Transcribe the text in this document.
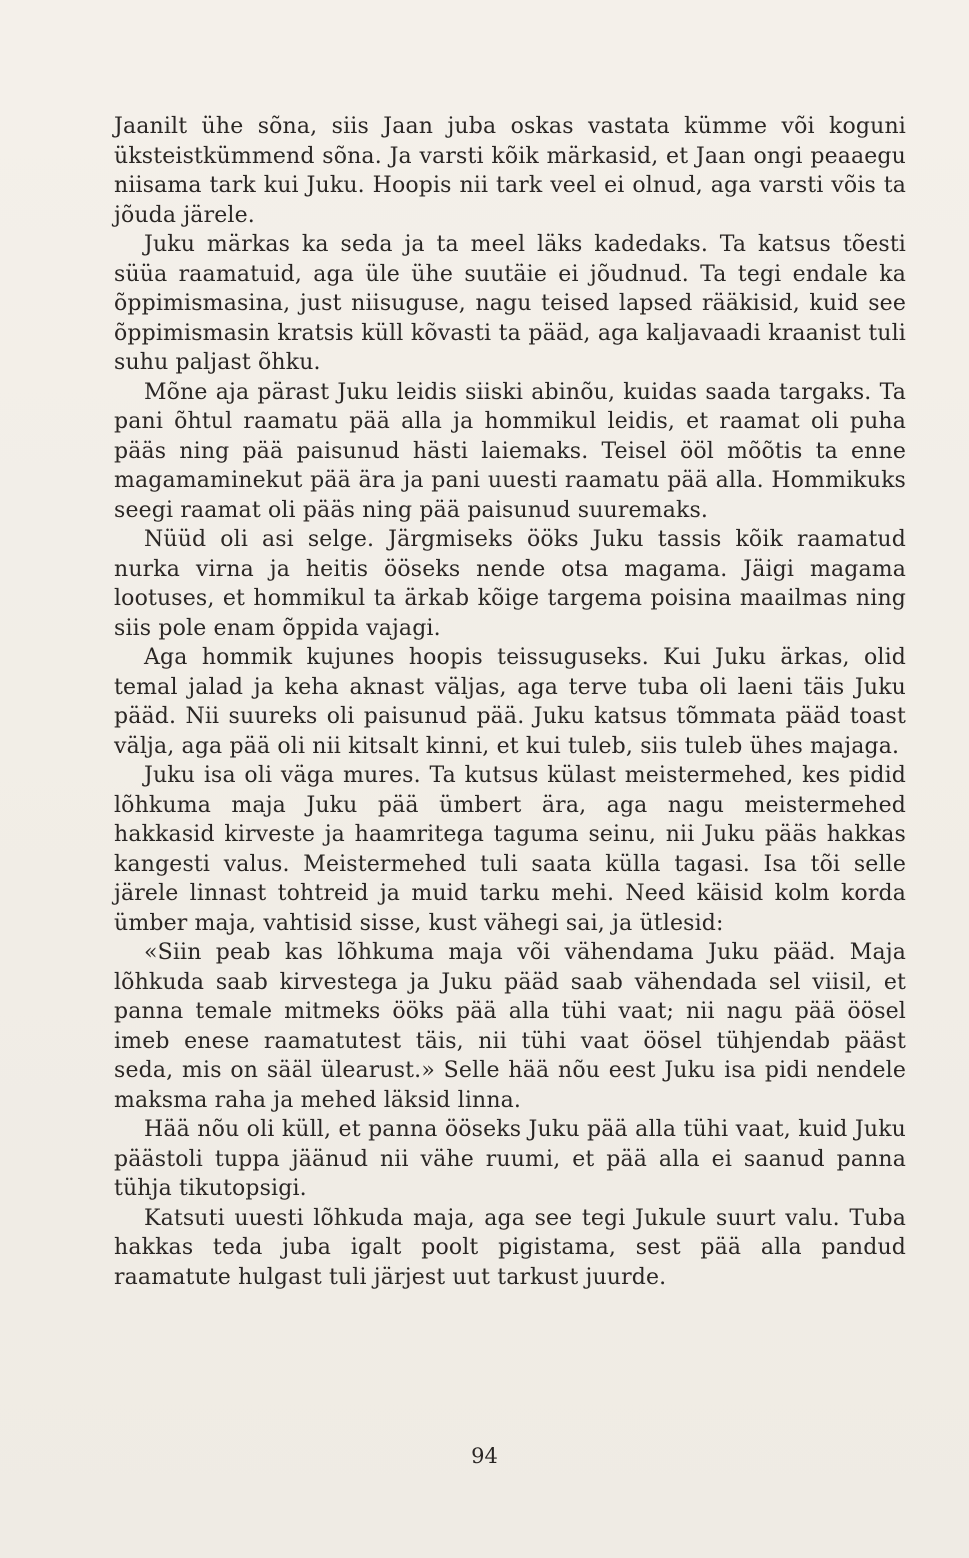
Jaanilt ühe sõna, siis Jaan juba oskas vastata kümme või koguni üksteistkümmend sõna. Ja varsti kõik märkasid, et Jaan ongi peaaegu niisama tark kui Juku. Hoopis nii tark veel ei olnud, aga varsti võis ta jõuda järele.

Juku märkas ka seda ja ta meel läks kadedaks. Ta katsus tõesti süüa raamatuid, aga üle ühe suutäie ei jõudnud. Ta tegi endale ka õppimismasina, just niisuguse, nagu teised lapsed rääkisid, kuid see õppimismasin kratsis küll kõvasti ta pääd, aga kaljavaadi kraanist tuli suhu paljast õhku.

Mõne aja pärast Juku leidis siiski abinõu, kuidas saada targaks. Ta pani õhtul raamatu pää alla ja hommikul leidis, et raamat oli puha pääs ning pää paisunud hästi laiemaks. Teisel ööl mõõtis ta enne magamaminekut pää ära ja pani uuesti raamatu pää alla. Hommikuks seegi raamat oli pääs ning pää paisunud suuremaks.

Nüüd oli asi selge. Järgmiseks ööks Juku tassis kõik raamatud nurka virna ja heitis ööseks nende otsa magama. Jäigi magama lootuses, et hommikul ta ärkab kõige targema poisina maailmas ning siis pole enam õppida vajagi.

Aga hommik kujunes hoopis teissuguseks. Kui Juku ärkas, olid temal jalad ja keha aknast väljas, aga terve tuba oli laeni täis Juku pääd. Nii suureks oli paisunud pää. Juku katsus tõmmata pääd toast välja, aga pää oli nii kitsalt kinni, et kui tuleb, siis tuleb ühes majaga.

Juku isa oli väga mures. Ta kutsus külast meistermehed, kes pidid lõhkuma maja Juku pää ümbert ära, aga nagu meistermehed hakkasid kirveste ja haamritega taguma seinu, nii Juku pääs hakkas kangesti valus. Meistermehed tuli saata külla tagasi. Isa tõi selle järele linnast tohtreid ja muid tarku mehi. Need käisid kolm korda ümber maja, vahtisid sisse, kust vähegi sai, ja ütlesid:

«Siin peab kas lõhkuma maja või vähendama Juku pääd. Maja lõhkuda saab kirvestega ja Juku pääd saab vähendada sel viisil, et panna temale mitmeks ööks pää alla tühi vaat; nii nagu pää öösel imeb enese raamatutest täis, nii tühi vaat öösel tühjendab pääst seda, mis on sääl ülearust.» Selle hää nõu eest Juku isa pidi nendele maksma raha ja mehed läksid linna.

Hää nõu oli küll, et panna ööseks Juku pää alla tühi vaat, kuid Juku päästoli tuppa jäänud nii vähe ruumi, et pää alla ei saanud panna tühja tikutopsigi.

Katsuti uuesti lõhkuda maja, aga see tegi Jukule suurt valu. Tuba hakkas teda juba igalt poolt pigistama, sest pää alla pandud raamatute hulgast tuli järjest uut tarkust juurde.

94
